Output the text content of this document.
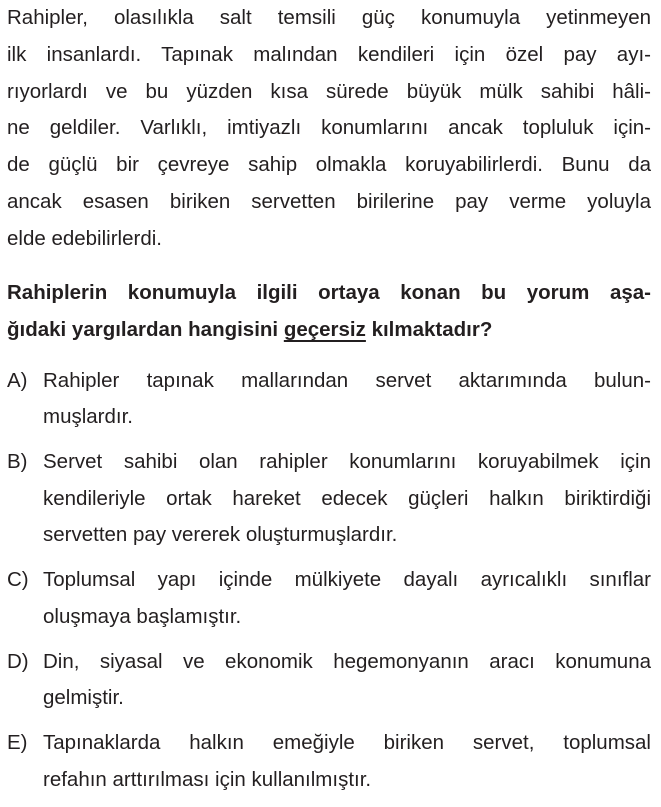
Rahipler, olasılıkla salt temsili güç konumuyla yetinmeyen
ilk insanlardı. Tapınak malından kendileri için özel pay ayı-
rıyorlardı ve bu yüzden kısa sürede büyük mülk sahibi hâli-
ne geldiler. Varlıklı, imtiyazlı konumlarını ancak topluluk için-
de güçlü bir çevreye sahip olmakla koruyabilirlerdi. Bunu da
ancak esasen biriken servetten birilerine pay verme yoluyla
elde edebilirlerdi.
Rahiplerin konumuyla ilgili ortaya konan bu yorum aşa-
ğıdaki yargılardan hangisini geçersiz kılmaktadır?
A) Rahipler tapınak mallarından servet aktarımında bulun-
muşlardır.
B) Servet sahibi olan rahipler konumlarını koruyabilmek için
kendileriyle ortak hareket edecek güçleri halkın biriktirdiği
servetten pay vererek oluşturmuşlardır.
C) Toplumsal yapı içinde mülkiyete dayalı ayrıcalıklı sınıflar
oluşmaya başlamıştır.
D) Din, siyasal ve ekonomik hegemonyanın aracı konumuna
gelmiştir.
E) Tapınaklarda halkın emeğiyle biriken servet, toplumsal
refahın arttırılması için kullanılmıştır.
